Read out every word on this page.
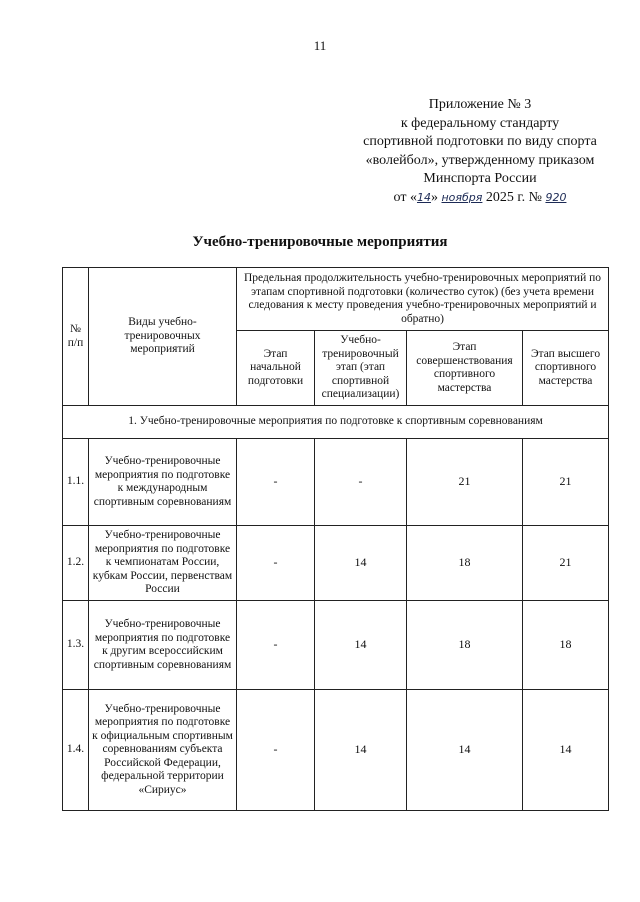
11
Приложение № 3
к федеральному стандарту
спортивной подготовки по виду спорта
«волейбол», утвержденному приказом
Минспорта России
от «14» ноября 2025 г. № 920
Учебно-тренировочные мероприятия
№ п/п	Виды учебно-тренировочных мероприятий	Предельная продолжительность учебно-тренировочных мероприятий по этапам спортивной подготовки (количество суток) (без учета времени следования к месту проведения учебно-тренировочных мероприятий и обратно)			
		Этап начальной подготовки	Учебно-тренировочный этап (этап спортивной специализации)	Этап совершенствования спортивного мастерства	Этап высшего спортивного мастерства
1. Учебно-тренировочные мероприятия по подготовке к спортивным соревнованиям					
1.1.	Учебно-тренировочные мероприятия по подготовке к международным спортивным соревнованиям	-	-	21	21
1.2.	Учебно-тренировочные мероприятия по подготовке к чемпионатам России, кубкам России, первенствам России	-	14	18	21
1.3.	Учебно-тренировочные мероприятия по подготовке к другим всероссийским спортивным соревнованиям	-	14	18	18
1.4.	Учебно-тренировочные мероприятия по подготовке к официальным спортивным соревнованиям субъекта Российской Федерации, федеральной территории «Сириус»	-	14	14	14
